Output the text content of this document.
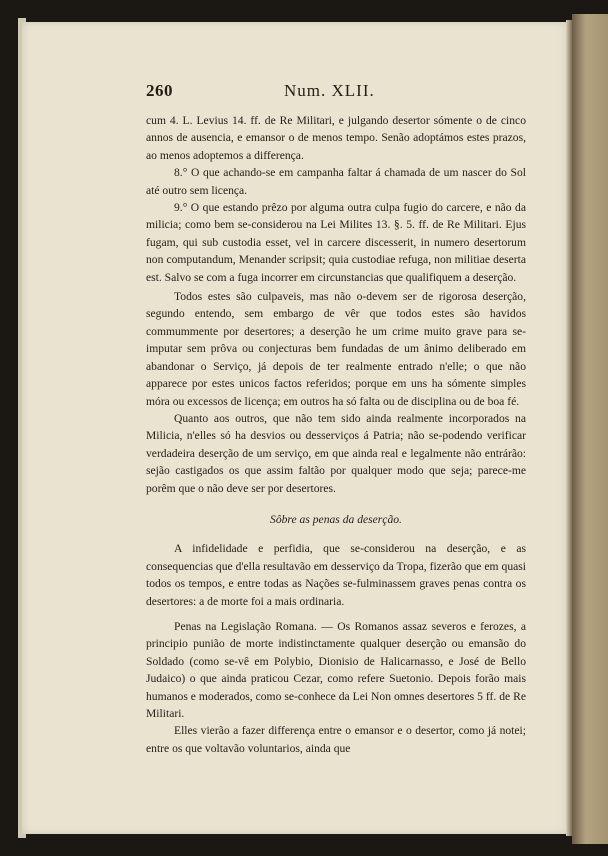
260	Num. XLII.

cum 4. L. Levius 14. ff. de Re Militari, e julgando desertor sómente o de cinco annos de ausencia, e emansor o de menos tempo. Senão adoptámos estes prazos, ao menos adoptemos a differença.

8.° O que achando-se em campanha faltar á chamada de um nascer do Sol até outro sem licença.

9.° O que estando prêzo por alguma outra culpa fugio do carcere, e não da milicia; como bem se-considerou na Lei Milites 13. §. 5. ff. de Re Militari. Ejus fugam, qui sub custodia esset, vel in carcere discesserit, in numero desertorum non computandum, Menander scripsit; quia custodiae refuga, non militiae deserta est. Salvo se com a fuga incorrer em circunstancias que qualifiquem a deserção.

Todos estes são culpaveis, mas não o-devem ser de rigorosa deserção, segundo entendo, sem embargo de vêr que todos estes são havidos commummente por desertores; a deserção he um crime muito grave para se-imputar sem prôva ou conjecturas bem fundadas de um ânimo deliberado em abandonar o Serviço, já depois de ter realmente entrado n'elle; o que não apparece por estes unicos factos referidos; porque em uns ha sómente simples móra ou excessos de licença; em outros ha só falta ou de disciplina ou de boa fé.

Quanto aos outros, que não tem sido ainda realmente incorporados na Milicia, n'elles só ha desvios ou desserviços á Patria; não se-podendo verificar verdadeira deserção de um serviço, em que ainda real e legalmente não entrárão: sejão castigados os que assim faltão por qualquer modo que seja; parece-me porêm que o não deve ser por desertores.

Sôbre as penas da deserção.

A infidelidade e perfidia, que se-considerou na deserção, e as consequencias que d'ella resultavão em desserviço da Tropa, fizerão que em quasi todos os tempos, e entre todas as Nações se-fulminassem graves penas contra os desertores: a de morte foi a mais ordinaria.

Penas na Legislação Romana. — Os Romanos assaz severos e ferozes, a principio punião de morte indistinctamente qualquer deserção ou emansão do Soldado (como se-vê em Polybio, Dionisio de Halicarnasso, e José de Bello Judaico) o que ainda praticou Cezar, como refere Suetonio. Depois forão mais humanos e moderados, como se-conhece da Lei Non omnes desertores 5 ff. de Re Militari.

Elles vierão a fazer differença entre o emansor e o desertor, como já notei; entre os que voltavão voluntarios, ainda que
